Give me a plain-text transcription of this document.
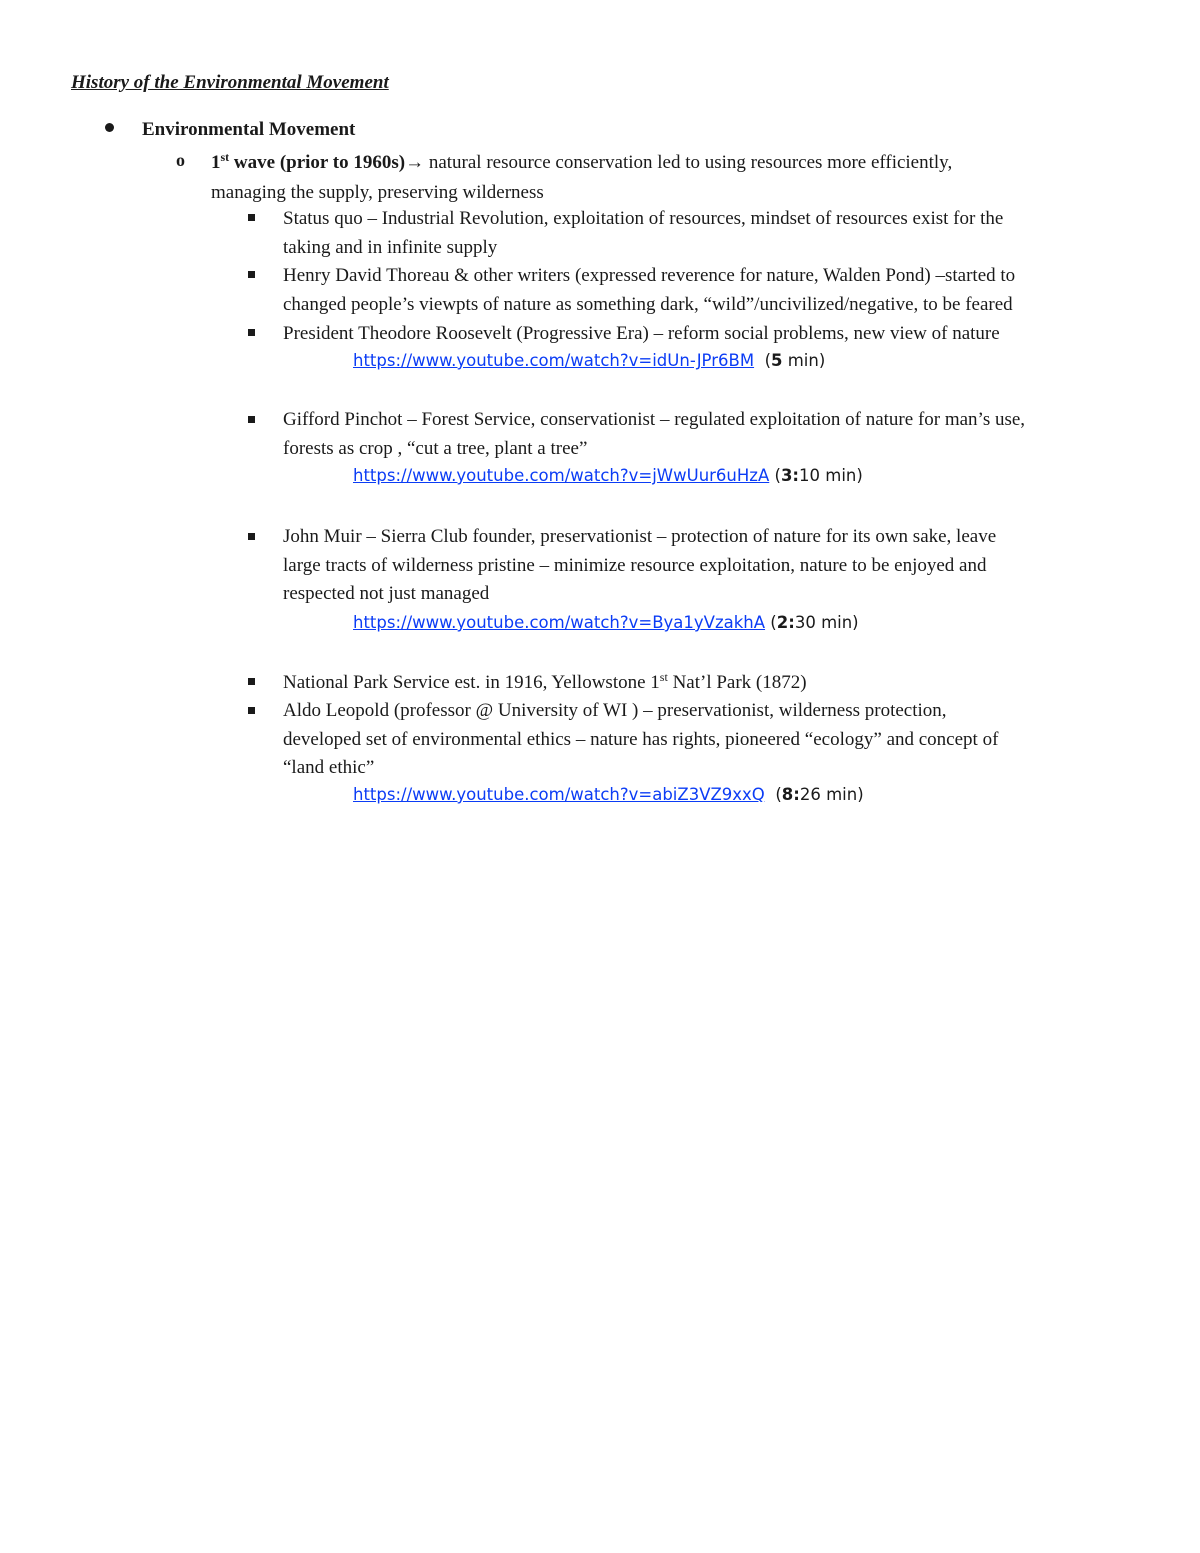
History of the Environmental Movement
Environmental Movement
o 1st wave (prior to 1960s)→ natural resource conservation led to using resources more efficiently,
managing the supply, preserving wilderness
Status quo – Industrial Revolution, exploitation of resources, mindset of resources exist for the
taking and in infinite supply
Henry David Thoreau & other writers (expressed reverence for nature, Walden Pond) –started to
changed people’s viewpts of nature as something dark, “wild”/uncivilized/negative, to be feared
President Theodore Roosevelt (Progressive Era) – reform social problems, new view of nature
https://www.youtube.com/watch?v=idUn-JPr6BM (5 min)
Gifford Pinchot – Forest Service, conservationist – regulated exploitation of nature for man’s use,
forests as crop , “cut a tree, plant a tree”
https://www.youtube.com/watch?v=jWwUur6uHzA (3:10 min)
John Muir – Sierra Club founder, preservationist – protection of nature for its own sake, leave
large tracts of wilderness pristine – minimize resource exploitation, nature to be enjoyed and
respected not just managed
https://www.youtube.com/watch?v=Bya1yVzakhA (2:30 min)
National Park Service est. in 1916, Yellowstone 1st Nat’l Park (1872)
Aldo Leopold (professor @ University of WI ) – preservationist, wilderness protection,
developed set of environmental ethics – nature has rights, pioneered “ecology” and concept of
“land ethic”
https://www.youtube.com/watch?v=abiZ3VZ9xxQ (8:26 min)
